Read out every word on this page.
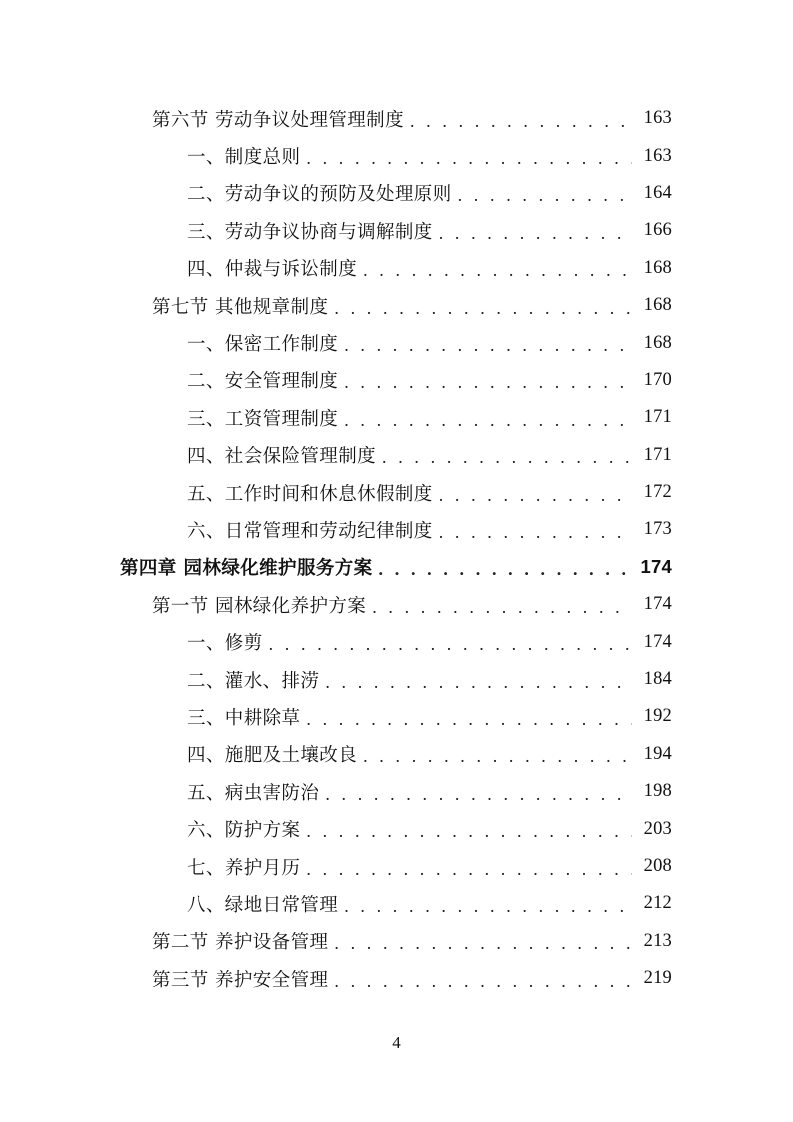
第六节 劳动争议处理管理制度 . . .	163
一、制度总则 . . .	163
二、劳动争议的预防及处理原则 . . .	164
三、劳动争议协商与调解制度 . . .	166
四、仲裁与诉讼制度 . . .	168
第七节 其他规章制度 . . .	168
一、保密工作制度 . . .	168
二、安全管理制度 . . .	170
三、工资管理制度 . . .	171
四、社会保险管理制度 . . .	171
五、工作时间和休息休假制度 . . .	172
六、日常管理和劳动纪律制度 . . .	173
第四章 园林绿化维护服务方案 . . .	174
第一节 园林绿化养护方案 . . .	174
一、修剪 . . .	174
二、灌水、排涝 . . .	184
三、中耕除草 . . .	192
四、施肥及土壤改良 . . .	194
五、病虫害防治 . . .	198
六、防护方案 . . .	203
七、养护月历 . . .	208
八、绿地日常管理 . . .	212
第二节 养护设备管理 . . .	213
第三节 养护安全管理 . . .	219
4
